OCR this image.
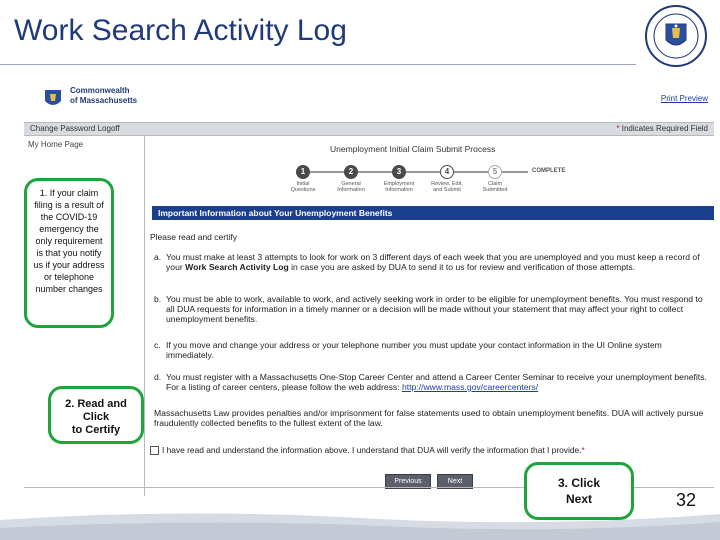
Work Search Activity Log
Commonwealth
of Massachusetts	Print Preview
Change Password Logoff	* Indicates Required Field
My Home Page	Unemployment Initial Claim Submit Process
1	2	3	4	5	COMPLETE
Initial Questions
General Information
Employment Information
Review, Edit, and Submit
Claim Submitted
Important Information about Your Unemployment Benefits
Please read and certify
a. You must make at least 3 attempts to look for work on 3 different days of each week that you are unemployed and you must keep a record of your Work Search Activity Log in case you are asked by DUA to send it to us for review and verification of those attempts.
b. You must be able to work, available to work, and actively seeking work in order to be eligible for unemployment benefits. You must respond to all DUA requests for information in a timely manner or a decision will be made without your statement that may affect your right to collect unemployment benefits.
c. If you move and change your address or your telephone number you must update your contact information in the UI Online system immediately.
d. You must register with a Massachusetts One-Stop Career Center and attend a Career Center Seminar to receive your unemployment benefits. For a listing of career centers, please follow the web address: http://www.mass.gov/careercenters/
Massachusetts Law provides penalties and/or imprisonment for false statements used to obtain unemployment benefits. DUA will actively pursue fraudulently collected benefits to the fullest extent of the law.
I have read and understand the information above. I understand that DUA will verify the information that I provide.*
Previous	Next
1. If your claim filing is a result of the COVID-19 emergency the only requirement is that you notify us if your address or telephone number changes
2. Read and
Click
to Certify
3. Click
Next	32
